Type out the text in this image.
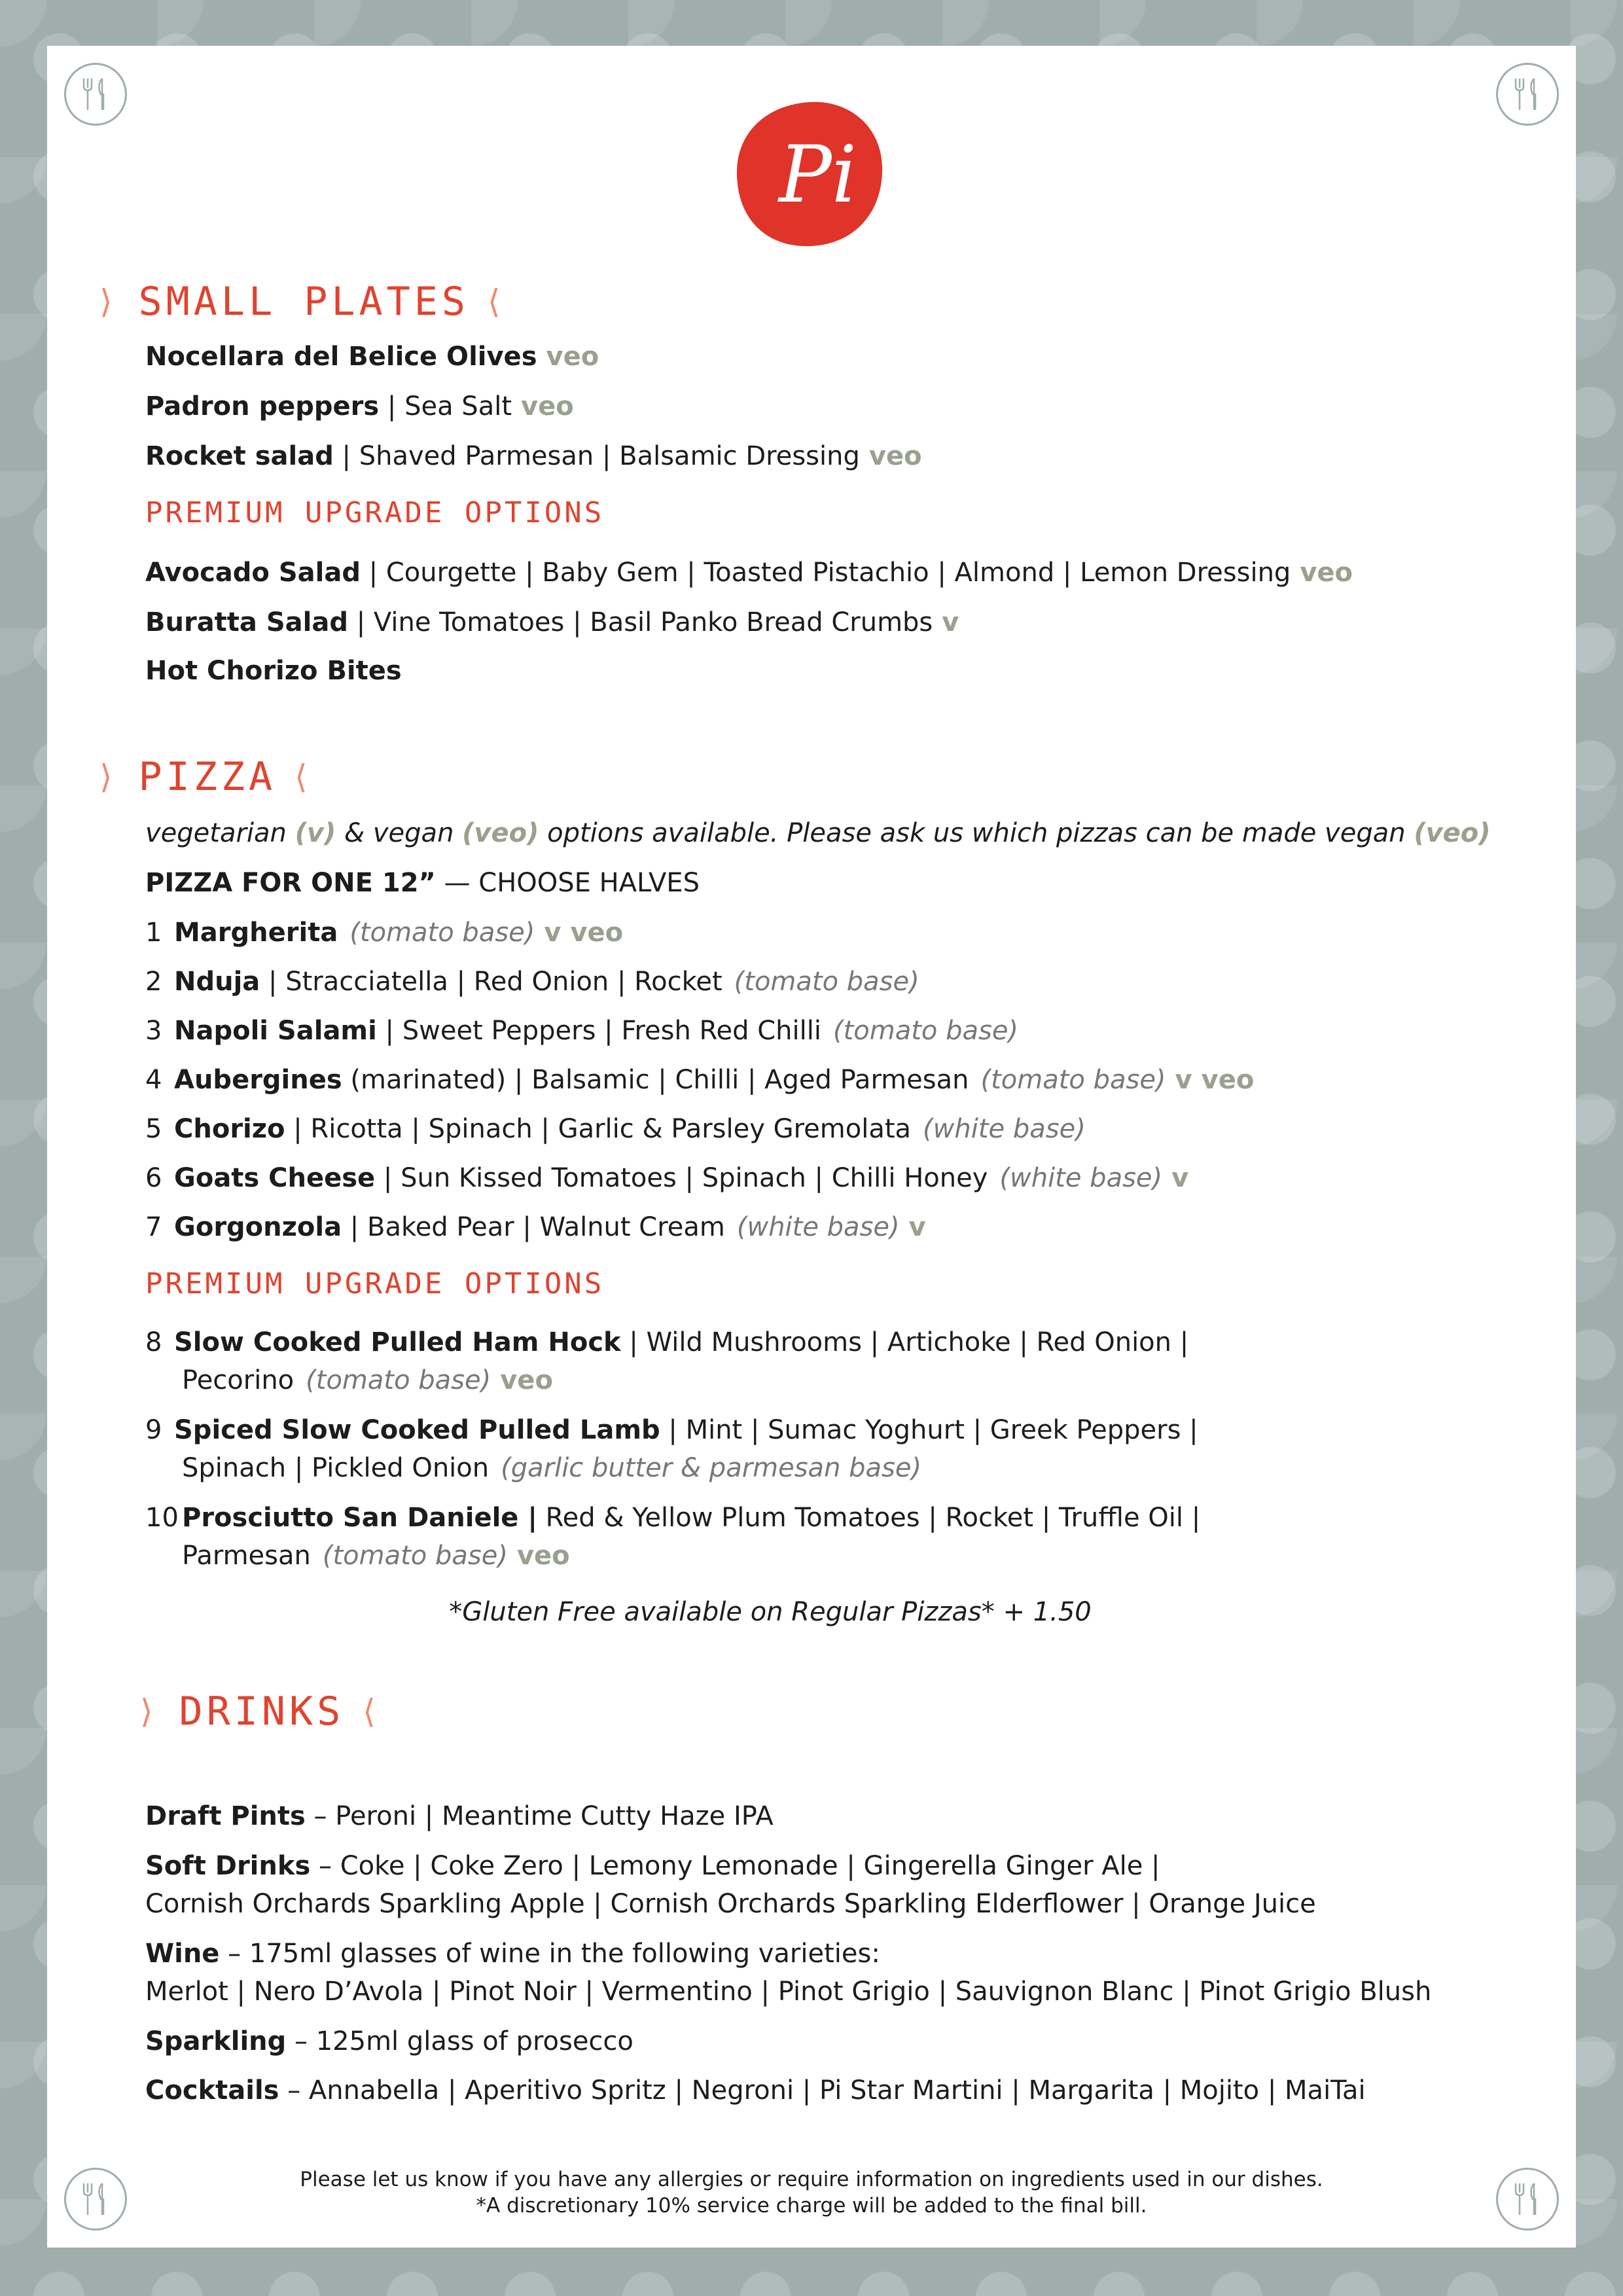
Pi
⟩ SMALL PLATES ⟨
Nocellara del Belice Olives veo
Padron peppers | Sea Salt veo
Rocket salad | Shaved Parmesan | Balsamic Dressing veo
PREMIUM UPGRADE OPTIONS
Avocado Salad | Courgette | Baby Gem | Toasted Pistachio | Almond | Lemon Dressing veo
Buratta Salad | Vine Tomatoes | Basil Panko Bread Crumbs v
Hot Chorizo Bites
⟩ PIZZA ⟨
vegetarian (v) & vegan (veo) options available. Please ask us which pizzas can be made vegan (veo)
PIZZA FOR ONE 12” — CHOOSE HALVES
1 Margherita (tomato base) v veo
2 Nduja | Stracciatella | Red Onion | Rocket (tomato base)
3 Napoli Salami | Sweet Peppers | Fresh Red Chilli (tomato base)
4 Aubergines (marinated) | Balsamic | Chilli | Aged Parmesan (tomato base) v veo
5 Chorizo | Ricotta | Spinach | Garlic & Parsley Gremolata (white base)
6 Goats Cheese | Sun Kissed Tomatoes | Spinach | Chilli Honey (white base) v
7 Gorgonzola | Baked Pear | Walnut Cream (white base) v
PREMIUM UPGRADE OPTIONS
8 Slow Cooked Pulled Ham Hock | Wild Mushrooms | Artichoke | Red Onion |
Pecorino (tomato base) veo
9 Spiced Slow Cooked Pulled Lamb | Mint | Sumac Yoghurt | Greek Peppers |
Spinach | Pickled Onion (garlic butter & parmesan base)
10 Prosciutto San Daniele | Red & Yellow Plum Tomatoes | Rocket | Truffle Oil |
Parmesan (tomato base) veo
*Gluten Free available on Regular Pizzas* + 1.50
⟩ DRINKS ⟨
Draft Pints – Peroni | Meantime Cutty Haze IPA
Soft Drinks – Coke | Coke Zero | Lemony Lemonade | Gingerella Ginger Ale |
Cornish Orchards Sparkling Apple | Cornish Orchards Sparkling Elderflower | Orange Juice
Wine – 175ml glasses of wine in the following varieties:
Merlot | Nero D’Avola | Pinot Noir | Vermentino | Pinot Grigio | Sauvignon Blanc | Pinot Grigio Blush
Sparkling – 125ml glass of prosecco
Cocktails – Annabella | Aperitivo Spritz | Negroni | Pi Star Martini | Margarita | Mojito | MaiTai
Please let us know if you have any allergies or require information on ingredients used in our dishes.
*A discretionary 10% service charge will be added to the final bill.
